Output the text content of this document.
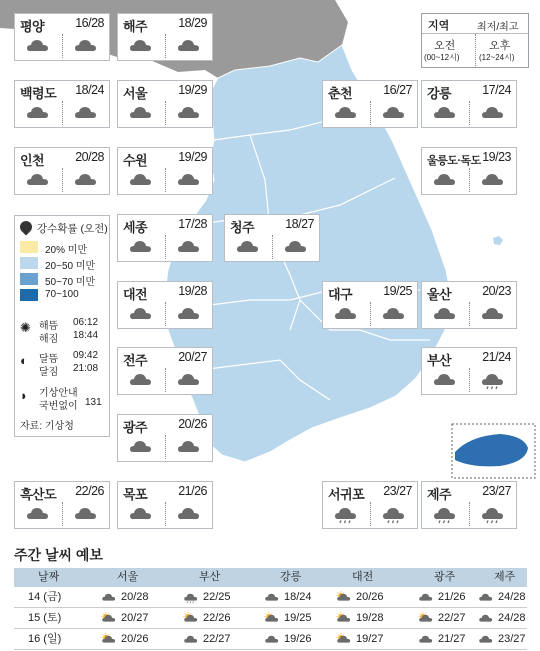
지역	최저/최고
오전
(00~12시)
오후
(12~24시)
강수확률 (오전)
20% 미만
20~50 미만
50~70 미만
70~100
✺ 해뜸 06:12
해짐 18:44
◐ 달뜸 09:42
달짐 21:08
◗ 기상안내
국번없이 131
자료: 기상청
평양 16/28 해주 18/29
백령도 18/24 서울 19/29	춘천 16/27 강릉 17/24
인천 20/28 수원 19/29	울릉도·독도 19/23
세종 17/28 청주 18/27
대전 19/28	대구 19/25 울산 20/23
전주 20/27	부산 21/24
광주 20/26
흑산도 22/26 목포 21/26	서귀포 23/27 제주 23/27
주간 날씨 예보
날짜	서울	부산	강릉	대전	광주	제주
14 (금)	20/28	22/25	18/24	20/26	21/26	24/28
15 (토)	20/27	22/26	19/25	19/28	22/27	24/28
16 (일)	20/26	22/27	19/26	19/27	21/27	23/27
